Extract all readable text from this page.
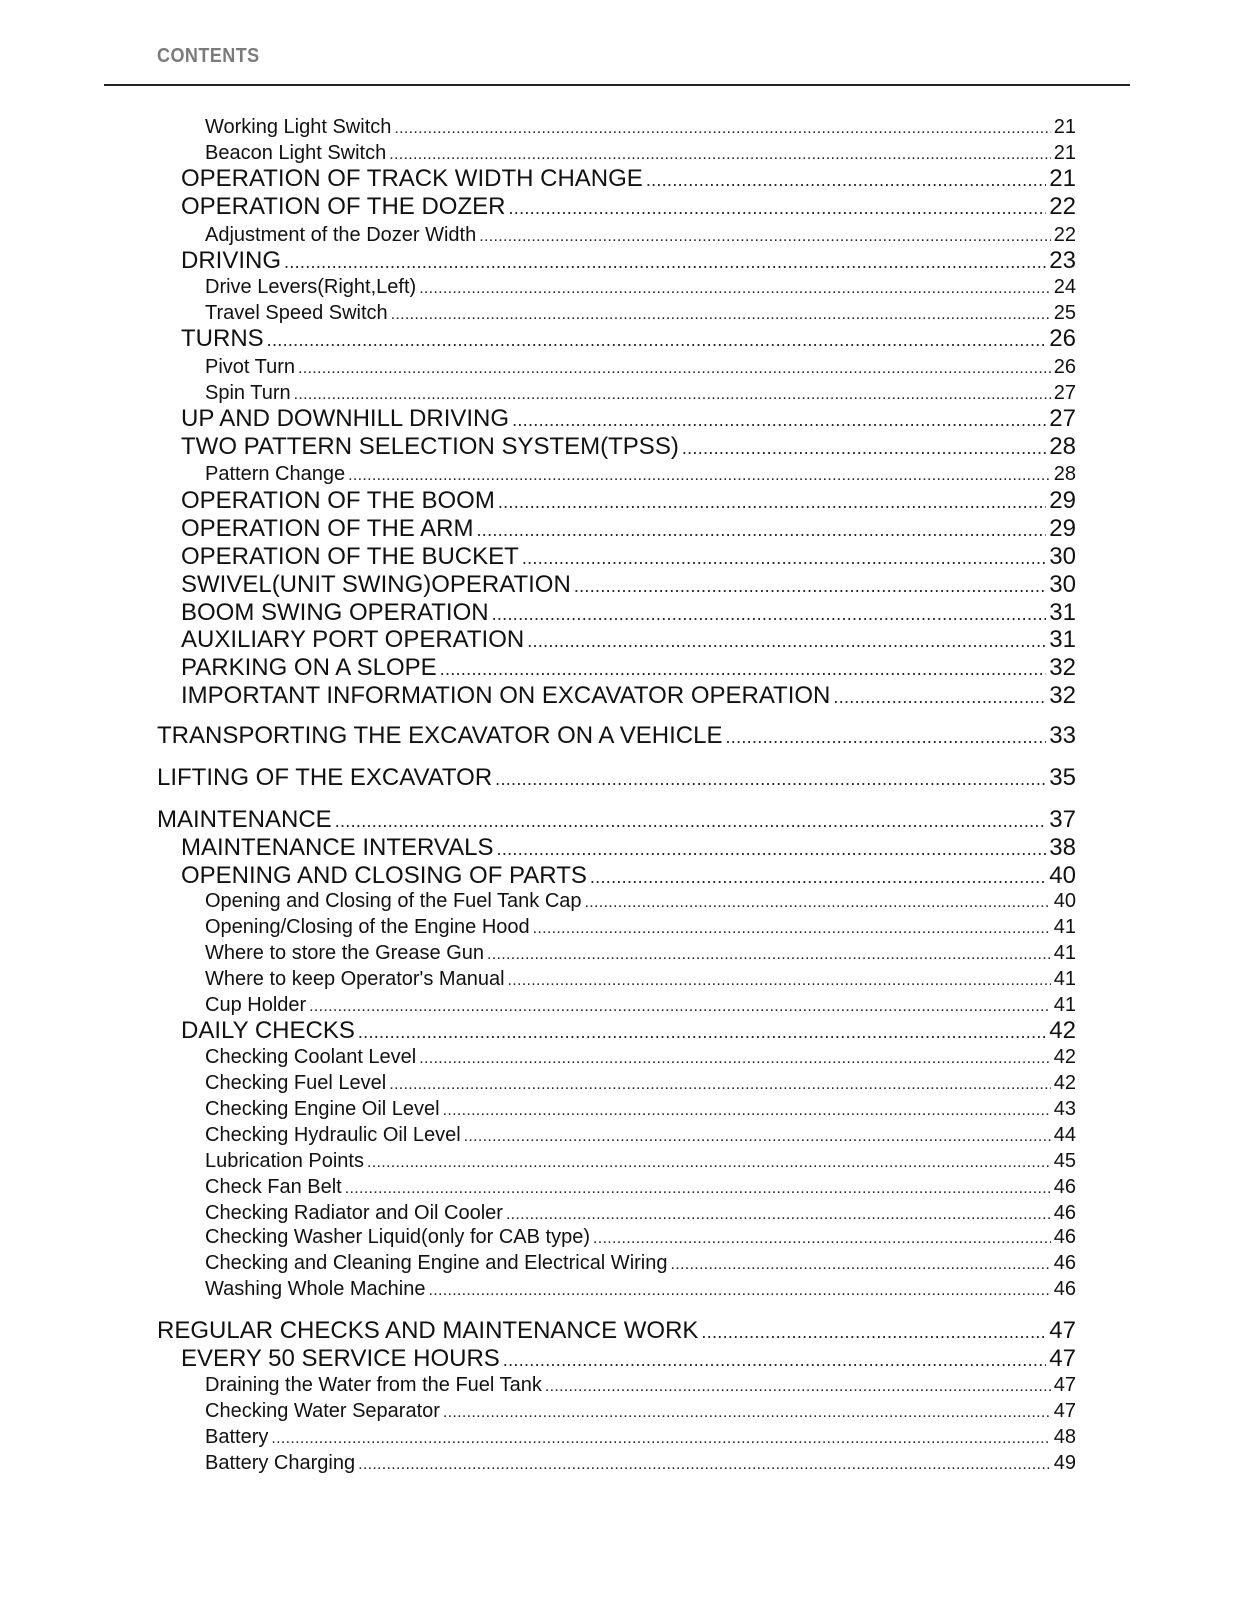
CONTENTS
Working Light Switch .....	21
Beacon Light Switch .....	21
OPERATION OF TRACK WIDTH CHANGE .....	21
OPERATION OF THE DOZER .....	22
Adjustment of the Dozer Width .....	22
DRIVING .....	23
Drive Levers(Right,Left) .....	24
Travel Speed Switch .....	25
TURNS .....	26
Pivot Turn .....	26
Spin Turn .....	27
UP AND DOWNHILL DRIVING .....	27
TWO PATTERN SELECTION SYSTEM(TPSS) .....	28
Pattern Change .....	28
OPERATION OF THE BOOM .....	29
OPERATION OF THE ARM .....	29
OPERATION OF THE BUCKET .....	30
SWIVEL(UNIT SWING)OPERATION .....	30
BOOM SWING OPERATION .....	31
AUXILIARY PORT OPERATION .....	31
PARKING ON A SLOPE .....	32
IMPORTANT INFORMATION ON EXCAVATOR OPERATION .....	32
TRANSPORTING THE EXCAVATOR ON A VEHICLE .....	33
LIFTING OF THE EXCAVATOR .....	35
MAINTENANCE .....	37
MAINTENANCE INTERVALS .....	38
OPENING AND CLOSING OF PARTS .....	40
Opening and Closing of the Fuel Tank Cap .....	40
Opening/Closing of the Engine Hood .....	41
Where to store the Grease Gun .....	41
Where to keep Operator's Manual .....	41
Cup Holder .....	41
DAILY CHECKS .....	42
Checking Coolant Level .....	42
Checking Fuel Level .....	42
Checking Engine Oil Level .....	43
Checking Hydraulic Oil Level .....	44
Lubrication Points .....	45
Check Fan Belt .....	46
Checking Radiator and Oil Cooler .....	46
Checking Washer Liquid(only for CAB type) .....	46
Checking and Cleaning Engine and Electrical Wiring .....	46
Washing Whole Machine .....	46
REGULAR CHECKS AND MAINTENANCE WORK .....	47
EVERY 50 SERVICE HOURS .....	47
Draining the Water from the Fuel Tank .....	47
Checking Water Separator .....	47
Battery .....	48
Battery Charging .....	49
